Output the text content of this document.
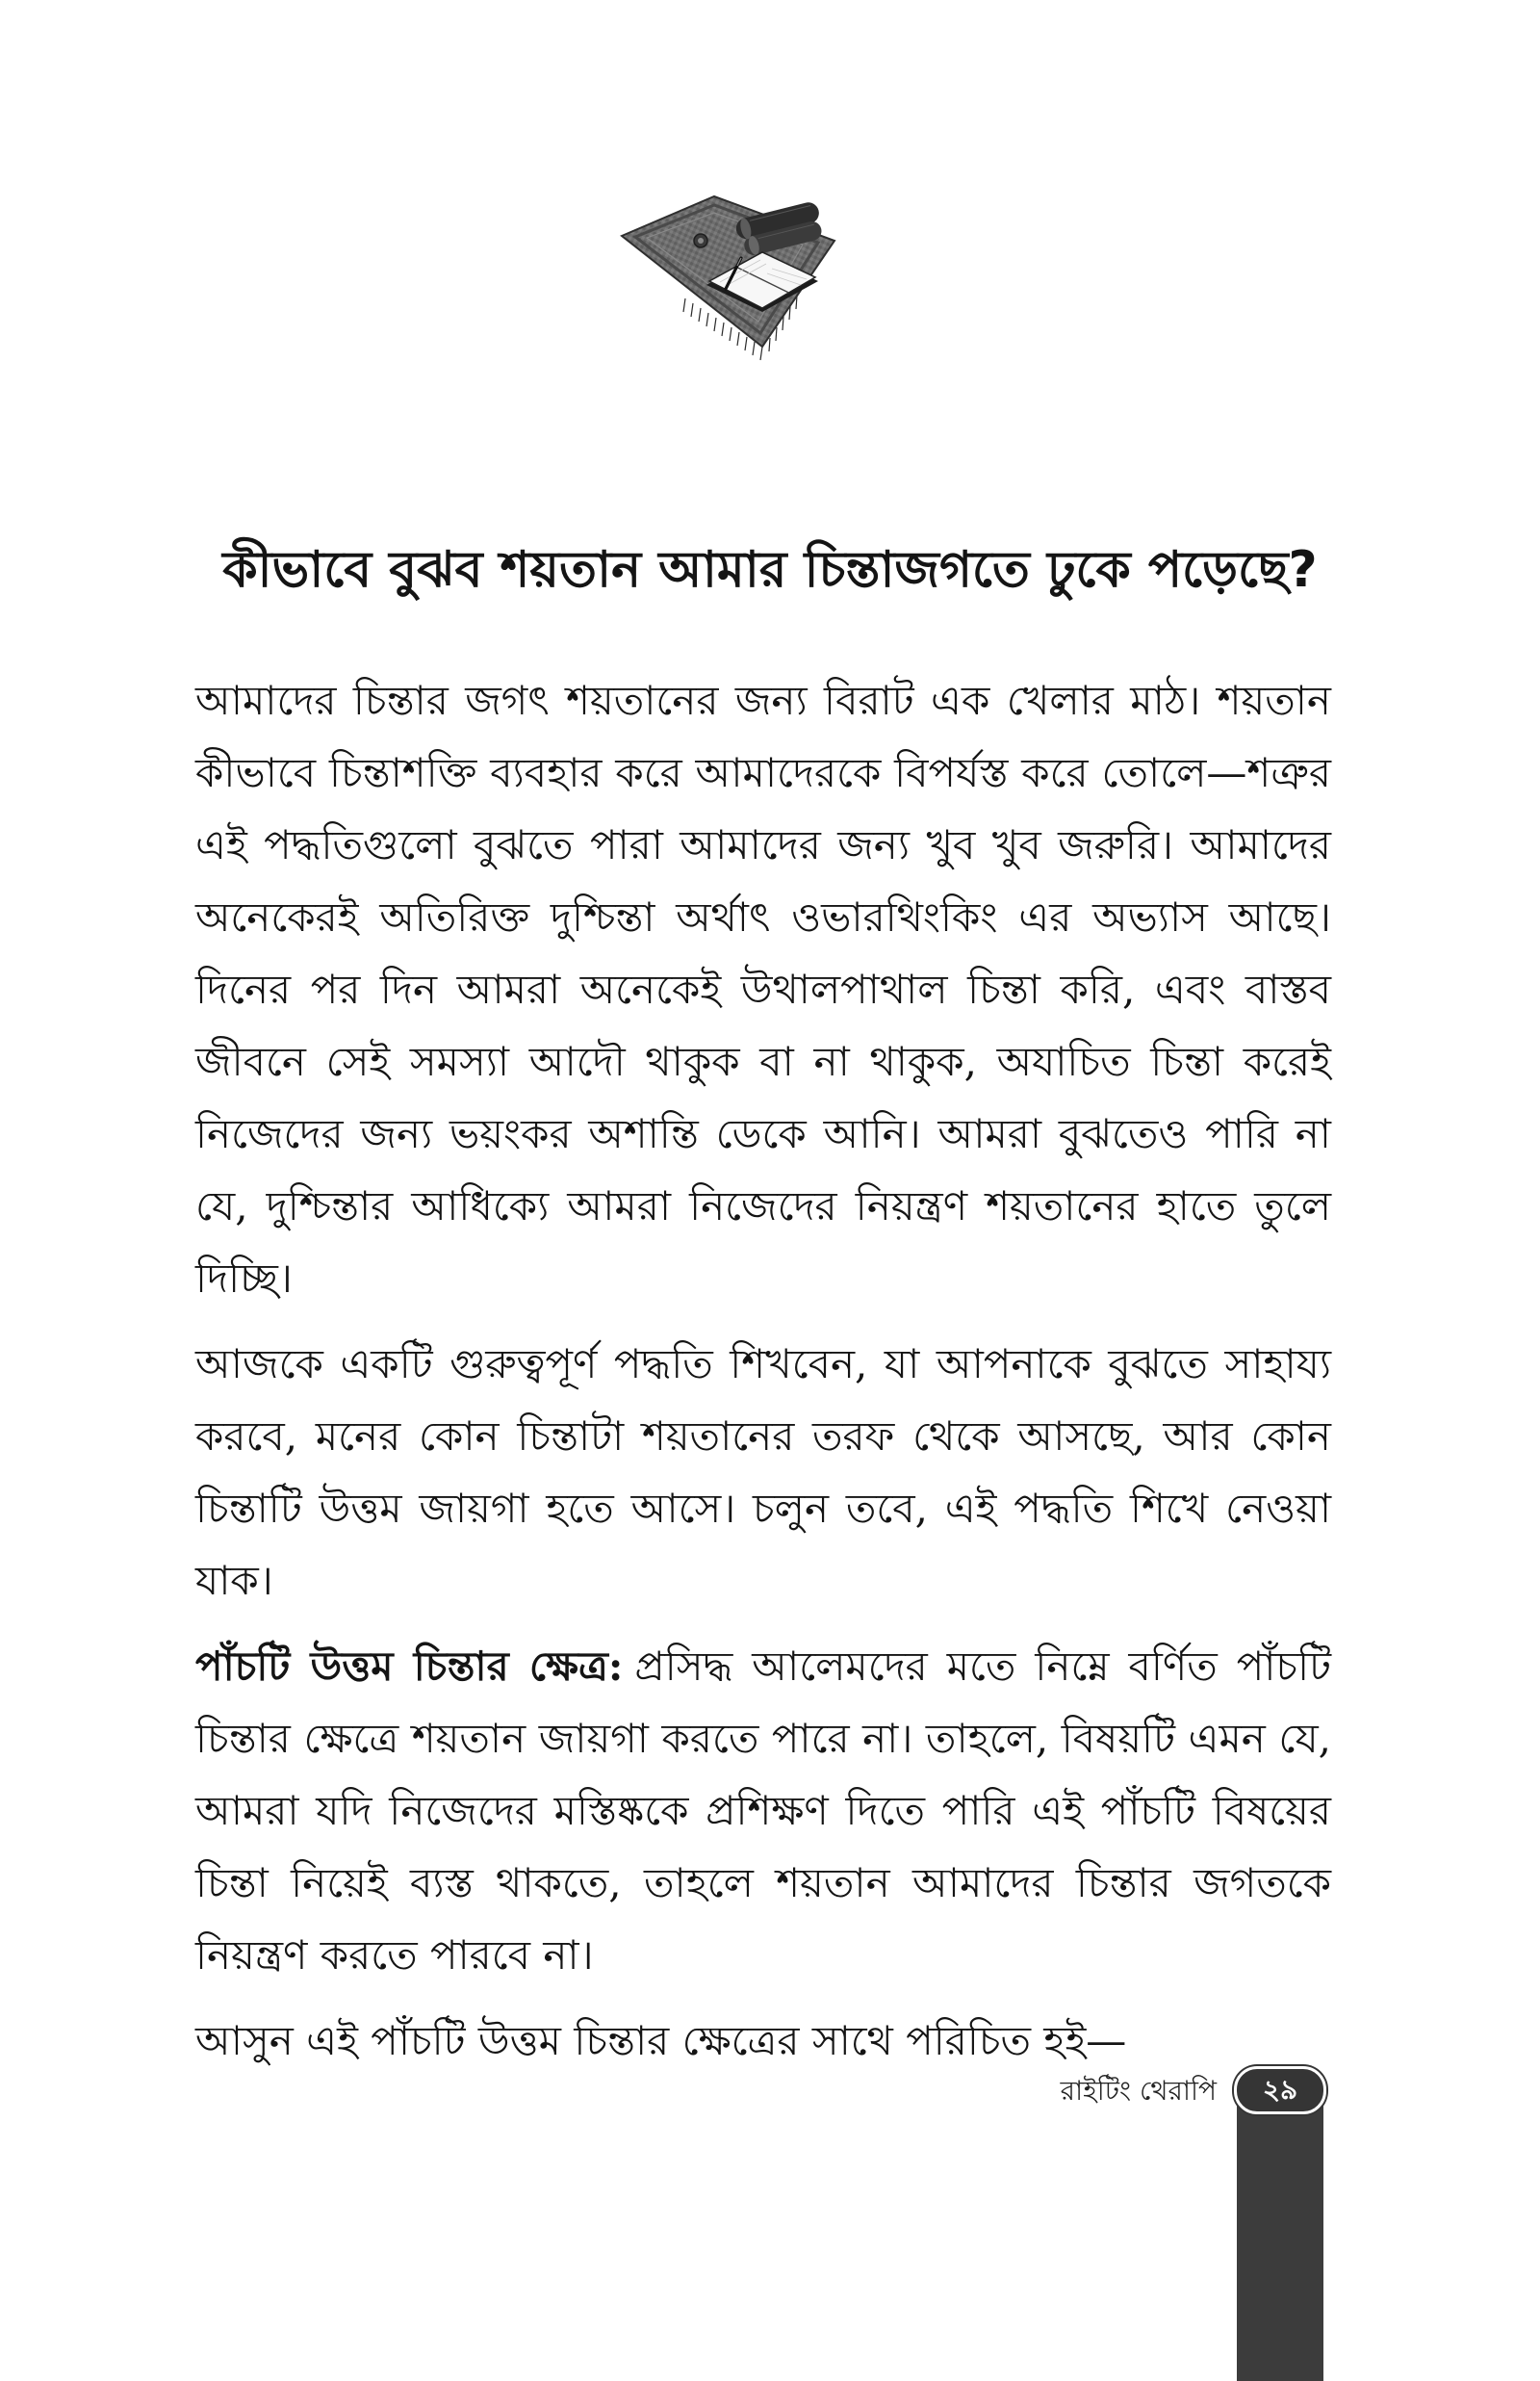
কীভাবে বুঝব শয়তান আমার চিন্তাজগতে ঢুকে পড়েছে?

আমাদের চিন্তার জগৎ শয়তানের জন্য বিরাট এক খেলার মাঠ। শয়তান কীভাবে চিন্তাশক্তি ব্যবহার করে আমাদেরকে বিপর্যস্ত করে তোলে—শত্রুর এই পদ্ধতিগুলো বুঝতে পারা আমাদের জন্য খুব খুব জরুরি। আমাদের অনেকেরই অতিরিক্ত দুশ্চিন্তা অর্থাৎ ওভারথিংকিং এর অভ্যাস আছে। দিনের পর দিন আমরা অনেকেই উথালপাথাল চিন্তা করি, এবং বাস্তব জীবনে সেই সমস্যা আদৌ থাকুক বা না থাকুক, অযাচিত চিন্তা করেই নিজেদের জন্য ভয়ংকর অশান্তি ডেকে আনি। আমরা বুঝতেও পারি না যে, দুশ্চিন্তার আধিক্যে আমরা নিজেদের নিয়ন্ত্রণ শয়তানের হাতে তুলে দিচ্ছি।

আজকে একটি গুরুত্বপূর্ণ পদ্ধতি শিখবেন, যা আপনাকে বুঝতে সাহায্য করবে, মনের কোন চিন্তাটা শয়তানের তরফ থেকে আসছে, আর কোন চিন্তাটি উত্তম জায়গা হতে আসে। চলুন তবে, এই পদ্ধতি শিখে নেওয়া যাক।

পাঁচটি উত্তম চিন্তার ক্ষেত্র: প্রসিদ্ধ আলেমদের মতে নিম্নে বর্ণিত পাঁচটি চিন্তার ক্ষেত্রে শয়তান জায়গা করতে পারে না। তাহলে, বিষয়টি এমন যে, আমরা যদি নিজেদের মস্তিষ্ককে প্রশিক্ষণ দিতে পারি এই পাঁচটি বিষয়ের চিন্তা নিয়েই ব্যস্ত থাকতে, তাহলে শয়তান আমাদের চিন্তার জগতকে নিয়ন্ত্রণ করতে পারবে না।

আসুন এই পাঁচটি উত্তম চিন্তার ক্ষেত্রের সাথে পরিচিত হই—

রাইটিং থেরাপি	২৯
